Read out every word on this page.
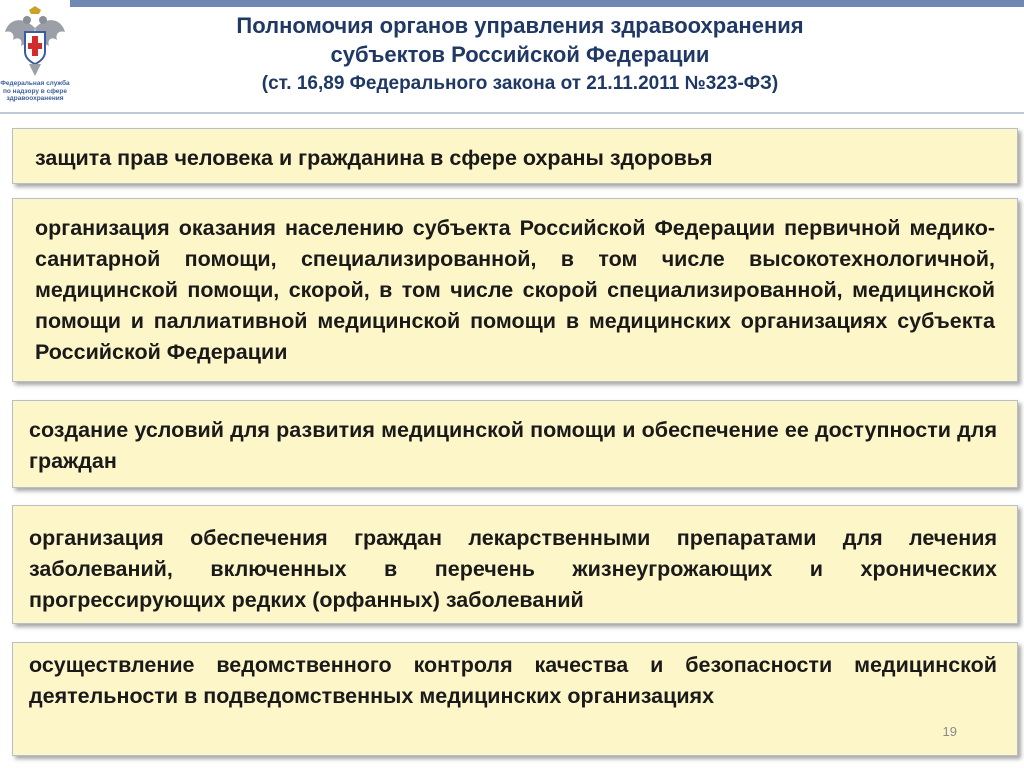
Федеральная служба по надзору в сфере здравоохранения
Полномочия органов управления здравоохранения
субъектов Российской Федерации
(ст. 16,89 Федерального закона от 21.11.2011 №323-ФЗ)

защита прав человека и гражданина в сфере охраны здоровья

организация оказания населению субъекта Российской Федерации первичной медико-санитарной помощи, специализированной, в том числе высокотехнологичной, медицинской помощи, скорой, в том числе скорой специализированной, медицинской помощи и паллиативной медицинской помощи в медицинских организациях субъекта Российской Федерации

создание условий для развития медицинской помощи и обеспечение ее доступности для граждан

организация обеспечения граждан лекарственными препаратами для лечения заболеваний, включенных в перечень жизнеугрожающих и хронических прогрессирующих редких (орфанных) заболеваний

осуществление ведомственного контроля качества и безопасности медицинской деятельности в подведомственных медицинских организациях

19
